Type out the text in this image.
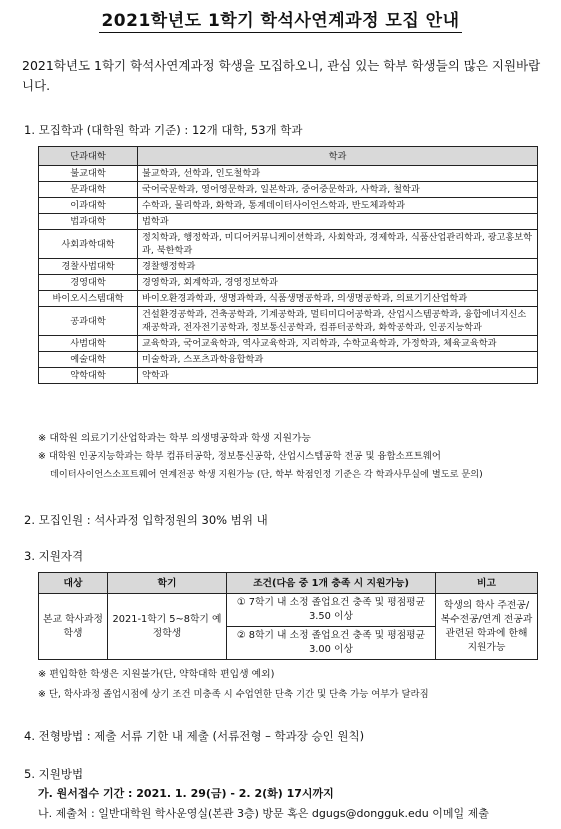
2021학년도 1학기 학석사연계과정 모집 안내
2021학년도 1학기 학석사연계과정 학생을 모집하오니, 관심 있는 학부 학생들의 많은 지원바랍니다.
1. 모집학과 (대학원 학과 기준) : 12개 대학, 53개 학과
단과대학	학과
불교대학	불교학과, 선학과, 인도철학과
문과대학	국어국문학과, 영어영문학과, 일본학과, 중어중문학과, 사학과, 철학과
이과대학	수학과, 물리학과, 화학과, 통계데이터사이언스학과, 반도체과학과
법과대학	법학과
사회과학대학	정치학과, 행정학과, 미디어커뮤니케이션학과, 사회학과, 경제학과, 식품산업관리학과, 광고홍보학과, 북한학과
경찰사법대학	경찰행정학과
경영대학	경영학과, 회계학과, 경영정보학과
바이오시스템대학	바이오환경과학과, 생명과학과, 식품생명공학과, 의생명공학과, 의료기기산업학과
공과대학	건설환경공학과, 건축공학과, 기계공학과, 멀티미디어공학과, 산업시스템공학과, 융합에너지신소재공학과, 전자전기공학과, 정보통신공학과, 컴퓨터공학과, 화학공학과, 인공지능학과
사범대학	교육학과, 국어교육학과, 역사교육학과, 지리학과, 수학교육학과, 가정학과, 체육교육학과
예술대학	미술학과, 스포츠과학융합학과
약학대학	약학과
※ 대학원 의료기기산업학과는 학부 의생명공학과 학생 지원가능
※ 대학원 인공지능학과는 학부 컴퓨터공학, 정보통신공학, 산업시스템공학 전공 및 융합소프트웨어
데이터사이언스소프트웨어 연계전공 학생 지원가능 (단, 학부 학점인정 기준은 각 학과사무실에 별도로 문의)
2. 모집인원 : 석사과정 입학정원의 30% 범위 내
3. 지원자격
대상	학기	조건(다음 중 1개 충족 시 지원가능)	비고
본교 학사과정 학생	2021-1학기 5~8학기 예정학생	① 7학기 내 소정 졸업요건 충족 및 평점평균 3.50 이상	학생의 학사 주전공/복수전공/연계 전공과 관련된 학과에 한해 지원가능
		② 8학기 내 소정 졸업요건 충족 및 평점평균 3.00 이상	
※ 편입학한 학생은 지원불가(단, 약학대학 편입생 예외)
※ 단, 학사과정 졸업시점에 상기 조건 미충족 시 수업연한 단축 기간 및 단축 가능 여부가 달라짐
4. 전형방법 : 제출 서류 기한 내 제출 (서류전형 – 학과장 승인 원칙)
5. 지원방법
가. 원서접수 기간 : 2021. 1. 29(금) - 2. 2(화) 17시까지
나. 제출처 : 일반대학원 학사운영실(본관 3층) 방문 혹은 dgugs@dongguk.edu 이메일 제출
